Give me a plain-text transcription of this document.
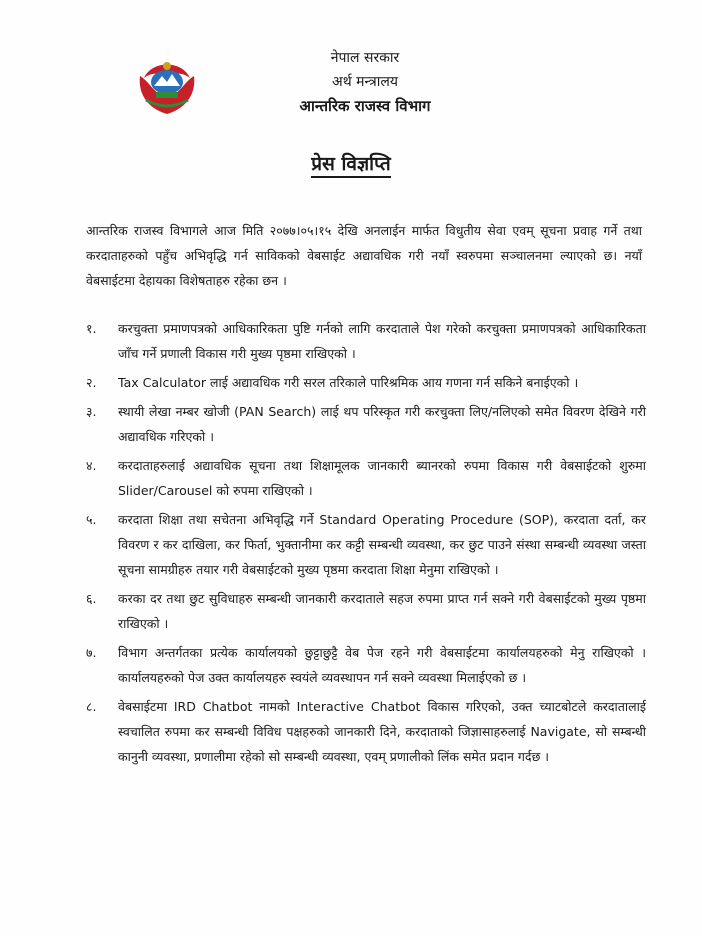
नेपाल सरकार
अर्थ मन्त्रालय
आन्तरिक राजस्व विभाग
प्रेस विज्ञप्ति
आन्तरिक राजस्व विभागले आज मिति २०७७।०५।१५ देखि अनलाईन मार्फत विधुतीय सेवा एवम् सूचना प्रवाह गर्ने तथा करदाताहरुको पहुँच अभिवृद्धि गर्न साविकको वेबसाईट अद्यावधिक गरी नयाँ स्वरुपमा सञ्चालनमा ल्याएको छ। नयाँ वेबसाईटमा देहायका विशेषताहरु रहेका छन ।
१.	करचुक्ता प्रमाणपत्रको आधिकारिकता पुष्टि गर्नको लागि करदाताले पेश गरेको करचुक्ता प्रमाणपत्रको आधिकारिकता जाँच गर्ने प्रणाली विकास गरी मुख्य पृष्ठमा राखिएको ।
२.	Tax Calculator लाई अद्यावधिक गरी सरल तरिकाले पारिश्रमिक आय गणना गर्न सकिने बनाईएको ।
३.	स्थायी लेखा नम्बर खोजी (PAN Search) लाई थप परिस्कृत गरी करचुक्ता लिए/नलिएको समेत विवरण देखिने गरी अद्यावधिक गरिएको ।
४.	करदाताहरुलाई अद्यावधिक सूचना तथा शिक्षामूलक जानकारी ब्यानरको रुपमा विकास गरी वेबसाईटको शुरुमा Slider/Carousel को रुपमा राखिएको ।
५.	करदाता शिक्षा तथा सचेतना अभिवृद्धि गर्ने Standard Operating Procedure (SOP), करदाता दर्ता, कर विवरण र कर दाखिला, कर फिर्ता, भुक्तानीमा कर कट्टी सम्बन्धी व्यवस्था, कर छुट पाउने संस्था सम्बन्धी व्यवस्था जस्ता सूचना सामग्रीहरु तयार गरी वेबसाईटको मुख्य पृष्ठमा करदाता शिक्षा मेनुमा राखिएको ।
६.	करका दर तथा छुट सुविधाहरु सम्बन्धी जानकारी करदाताले सहज रुपमा प्राप्त गर्न सक्ने गरी वेबसाईटको मुख्य पृष्ठमा राखिएको ।
७.	विभाग अन्तर्गतका प्रत्येक कार्यालयको छुट्टाछुट्टै वेब पेज रहने गरी वेबसाईटमा कार्यालयहरुको मेनु राखिएको । कार्यालयहरुको पेज उक्त कार्यालयहरु स्वयंले व्यवस्थापन गर्न सक्ने व्यवस्था मिलाईएको छ ।
८.	वेबसाईटमा IRD Chatbot नामको Interactive Chatbot विकास गरिएको, उक्त च्याटबोटले करदातालाई स्वचालित रुपमा कर सम्बन्धी विविध पक्षहरुको जानकारी दिने, करदाताको जिज्ञासाहरुलाई Navigate, सो सम्बन्धी कानुनी व्यवस्था, प्रणालीमा रहेको सो सम्बन्धी व्यवस्था, एवम् प्रणालीको लिंक समेत प्रदान गर्दछ ।
